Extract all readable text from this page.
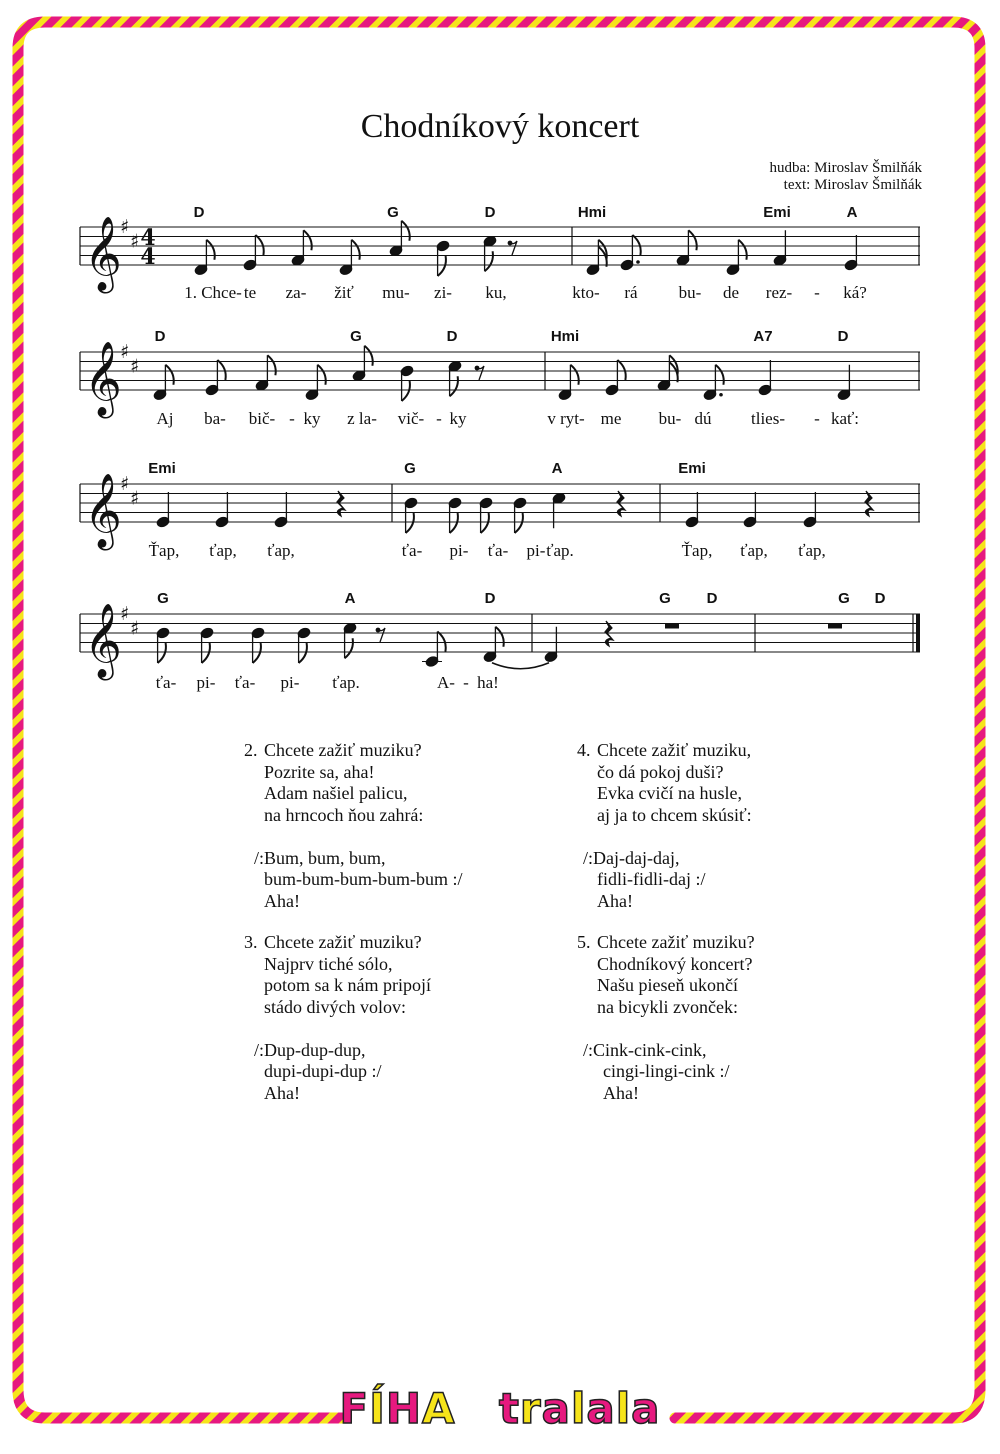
Chodníkový koncert
hudba: Miroslav Šmilňák
text: Miroslav Šmilňák
𝄞
♯
♯ 4
4
𝄞
♯
♯
𝄞
♯
♯
𝄞
♯
♯
D	G	D	Hmi	Emi	A
D	G	D	Hmi	A7	D
Emi	G	A	Emi
G	A	D	G D	G D
1. Chce- te za- žiť mu- zi- ku,	kto- rá bu- de rez- - ká?
Aj ba- bič- - ky z la- vič- - ky	v ryt- me bu- dú tlies- - kať:
Ťap, ťap, ťap,	ťa- pi- ťa- pi- ťap.	Ťap, ťap, ťap,
ťa- pi- ťa- pi- ťap.	A- - ha!
2. Chcete zažiť muziku?
Pozrite sa, aha!
Adam našiel palicu,
na hrncoch ňou zahrá:

/:Bum, bum, bum,
bum-bum-bum-bum-bum :/
Aha!
3. Chcete zažiť muziku?
Najprv tiché sólo,
potom sa k nám pripojí
stádo divých volov:

/:Dup-dup-dup,
dupi-dupi-dup :/
Aha!
4. Chcete zažiť muziku,
čo dá pokoj duši?
Evka cvičí na husle,
aj ja to chcem skúsiť:

/:Daj-daj-daj,
fidli-fidli-daj :/
Aha!
5. Chcete zažiť muziku?
Chodníkový koncert?
Našu pieseň ukončí
na bicykli zvonček:

/:Cink-cink-cink,
cingi-lingi-cink :/
Aha!
FÍHA tralala
